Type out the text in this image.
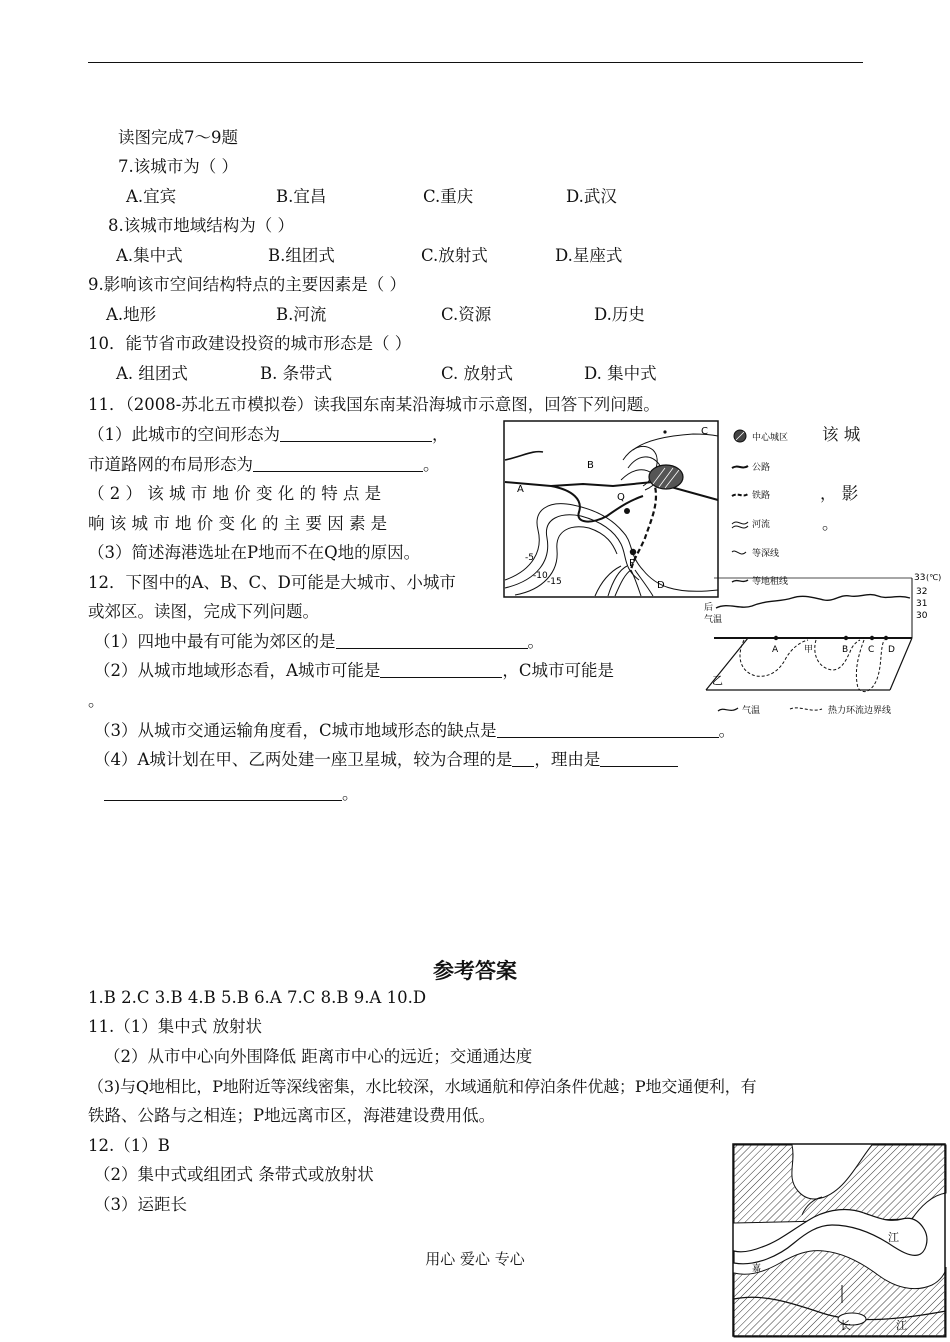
读图完成7～9题
7.该城市为（ ）
A.宜宾	B.宜昌	C.重庆	D.武汉
8.该城市地域结构为（ ）
A.集中式	B.组团式	C.放射式	D.星座式
9.影响该市空间结构特点的主要因素是（ ）
A.地形	B.河流	C.资源	D.历史
10．能节省市政建设投资的城市形态是（ ）
A. 组团式	B. 条带式	C. 放射式	D. 集中式
11．（2008-苏北五市模拟卷）读我国东南某沿海城市示意图，回答下列问题。
（1）此城市的空间形态为	，	该 城
市道路网的布局形态为	。
（ 2 ） 该 城 市 地 价 变 化 的 特 点 是	， 影
响 该 城 市 地 价 变 化 的 主 要 因 素 是	。
（3）简述海港选址在P地而不在Q地的原因。
A
B
C
D
P
Q
-5
-10
-15
中心城区
公路
铁路
河流
等深线
等地租线
12．下图中的A、B、C、D可能是大城市、小城市
或郊区。读图，完成下列问题。
（1）四地中最有可能为郊区的是	。
（2）从城市地域形态看，A城市可能是	，C城市可能是
。
（3）从城市交通运输角度看，C城市地域形态的缺点是	。
（4）A城计划在甲、乙两处建一座卫星城，较为合理的是 ，理由是
。
33 (℃)
32
31
30
后
气温
A	甲	B C D
乙
气温	热力环流边界线
参考答案
1.B 2.C 3.B 4.B 5.B 6.A 7.C 8.B 9.A 10.D
11.（1）集中式 放射状
（2）从市中心向外围降低 距离市中心的远近；交通通达度
（3)与Q地相比，P地附近等深线密集，水比较深，水域通航和停泊条件优越；P地交通便利，有
铁路、公路与之相连；P地远离市区，海港建设费用低。
12.（1）B
（2）集中式或组团式 条带式或放射状
（3）运距长
江
嘉
长	江
用心 爱心 专心
